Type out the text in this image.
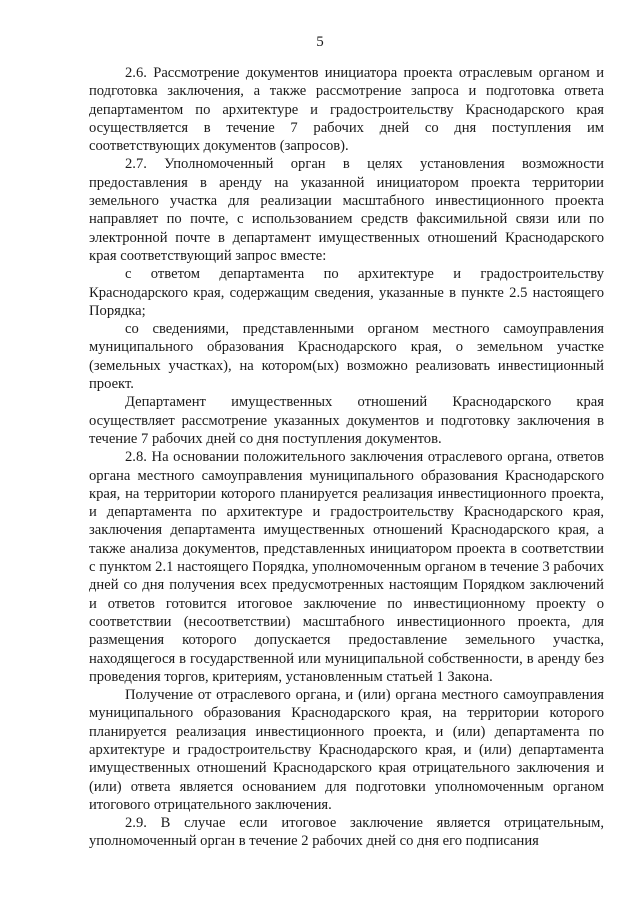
5

2.6. Рассмотрение документов инициатора проекта отраслевым органом и подготовка заключения, а также рассмотрение запроса и подготовка ответа департаментом по архитектуре и градостроительству Краснодарского края осуществляется в течение 7 рабочих дней со дня поступления им соответствующих документов (запросов).

2.7. Уполномоченный орган в целях установления возможности предоставления в аренду на указанной инициатором проекта территории земельного участка для реализации масштабного инвестиционного проекта направляет по почте, с использованием средств факсимильной связи или по электронной почте в департамент имущественных отношений Краснодарского края соответствующий запрос вместе:

с ответом департамента по архитектуре и градостроительству Краснодарского края, содержащим сведения, указанные в пункте 2.5 настоящего Порядка;

со сведениями, представленными органом местного самоуправления муниципального образования Краснодарского края, о земельном участке (земельных участках), на котором(ых) возможно реализовать инвестиционный проект.

Департамент имущественных отношений Краснодарского края осуществляет рассмотрение указанных документов и подготовку заключения в течение 7 рабочих дней со дня поступления документов.

2.8. На основании положительного заключения отраслевого органа, ответов органа местного самоуправления муниципального образования Краснодарского края, на территории которого планируется реализация инвестиционного проекта, и департамента по архитектуре и градостроительству Краснодарского края, заключения департамента имущественных отношений Краснодарского края, а также анализа документов, представленных инициатором проекта в соответствии с пунктом 2.1 настоящего Порядка, уполномоченным органом в течение 3 рабочих дней со дня получения всех предусмотренных настоящим Порядком заключений и ответов готовится итоговое заключение по инвестиционному проекту о соответствии (несоответствии) масштабного инвестиционного проекта, для размещения которого допускается предоставление земельного участка, находящегося в государственной или муниципальной собственности, в аренду без проведения торгов, критериям, установленным статьей 1 Закона.

Получение от отраслевого органа, и (или) органа местного самоуправления муниципального образования Краснодарского края, на территории которого планируется реализация инвестиционного проекта, и (или) департамента по архитектуре и градостроительству Краснодарского края, и (или) департамента имущественных отношений Краснодарского края отрицательного заключения и (или) ответа является основанием для подготовки уполномоченным органом итогового отрицательного заключения.

2.9. В случае если итоговое заключение является отрицательным, уполномоченный орган в течение 2 рабочих дней со дня его подписания
